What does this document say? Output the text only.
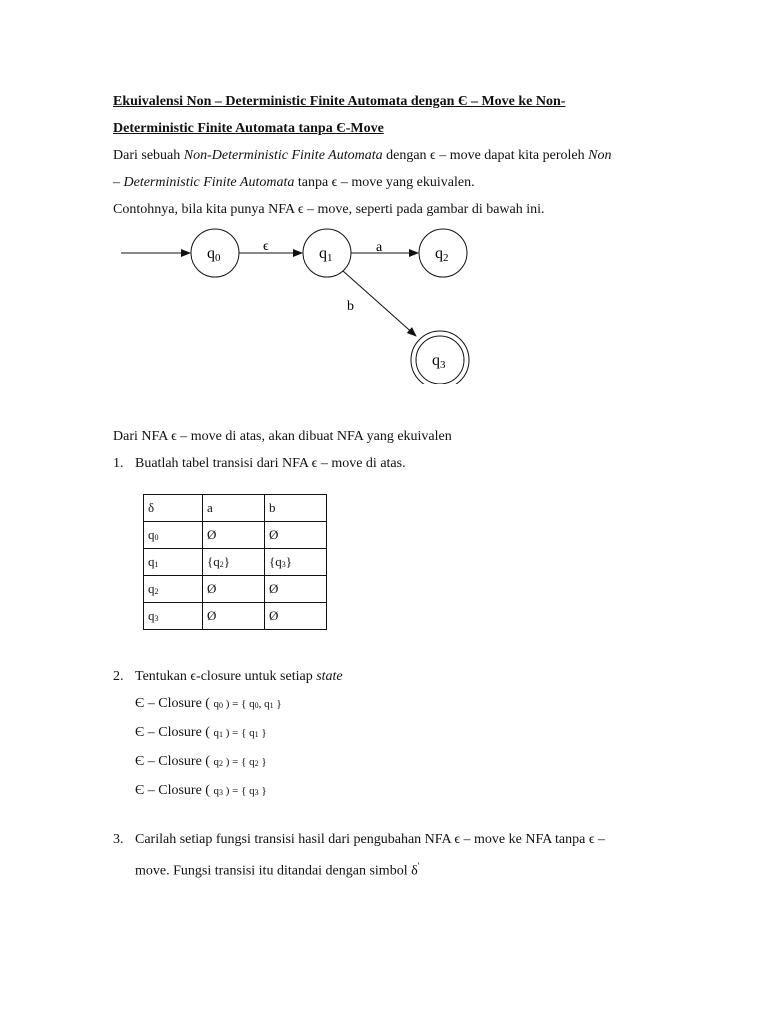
Ekuivalensi Non – Deterministic Finite Automata dengan Є – Move ke Non-

Deterministic Finite Automata tanpa Є-Move

Dari sebuah Non-Deterministic Finite Automata dengan ϵ – move dapat kita peroleh Non

– Deterministic Finite Automata tanpa ϵ – move yang ekuivalen.

Contohnya, bila kita punya NFA ϵ – move, seperti pada gambar di bawah ini.

q0
ϵ	q1
a	q2
b
q3

Dari NFA ϵ – move di atas, akan dibuat NFA yang ekuivalen

1. Buatlah tabel transisi dari NFA ϵ – move di atas.

δ	a	b
q0	Ø	Ø
q1	{q2}	{q3}
q2	Ø	Ø
q3	Ø	Ø

2. Tentukan ϵ-closure untuk setiap state

Є – Closure ( q0 ) = { q0, q1 }

Є – Closure ( q1 ) = { q1 }

Є – Closure ( q2 ) = { q2 }

Є – Closure ( q3 ) = { q3 }

3. Carilah setiap fungsi transisi hasil dari pengubahan NFA ϵ – move ke NFA tanpa ϵ –

move. Fungsi transisi itu ditandai dengan simbol δ'
